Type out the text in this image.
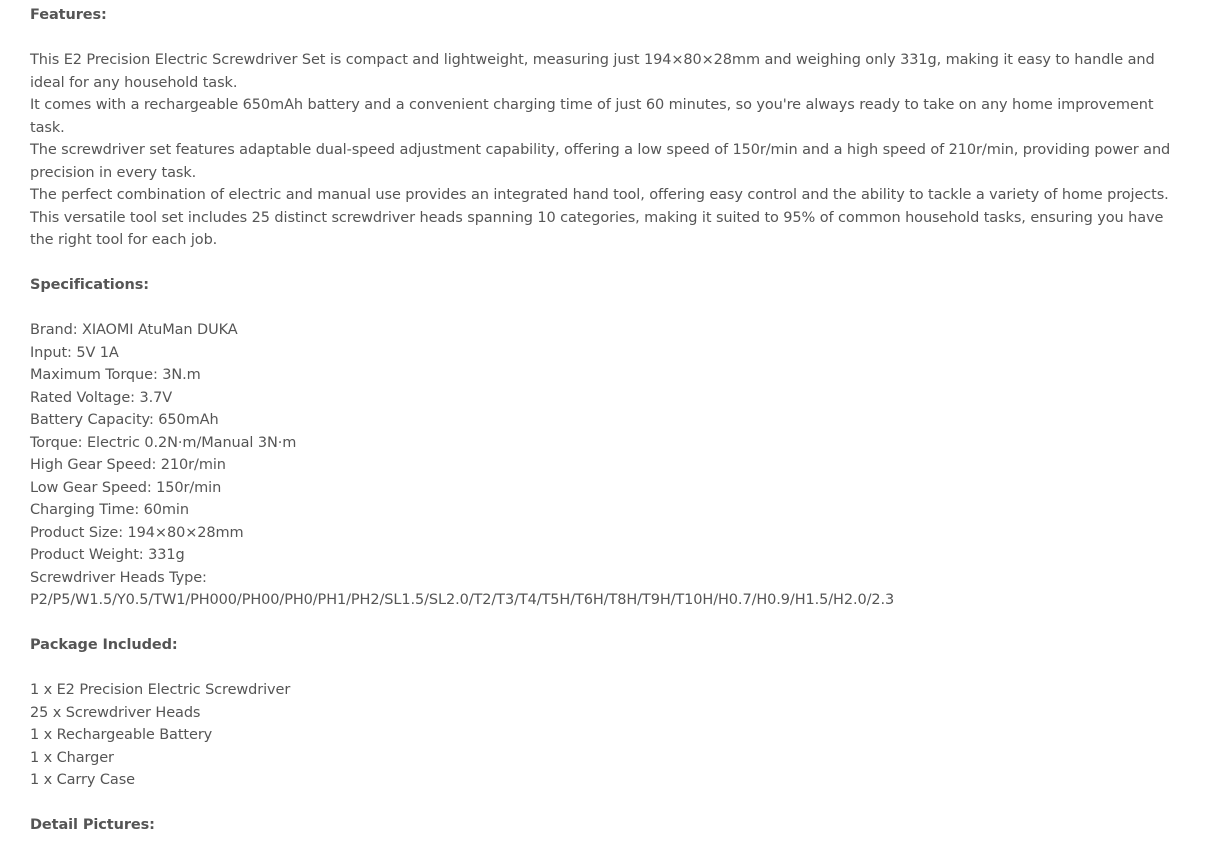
Features:
This E2 Precision Electric Screwdriver Set is compact and lightweight, measuring just 194×80×28mm and weighing only 331g, making it easy to handle and ideal for any household task.
It comes with a rechargeable 650mAh battery and a convenient charging time of just 60 minutes, so you're always ready to take on any home improvement task.
The screwdriver set features adaptable dual-speed adjustment capability, offering a low speed of 150r/min and a high speed of 210r/min, providing power and precision in every task.
The perfect combination of electric and manual use provides an integrated hand tool, offering easy control and the ability to tackle a variety of home projects.
This versatile tool set includes 25 distinct screwdriver heads spanning 10 categories, making it suited to 95% of common household tasks, ensuring you have the right tool for each job.
Specifications:
Brand: XIAOMI AtuMan DUKA
Input: 5V 1A
Maximum Torque: 3N.m
Rated Voltage: 3.7V
Battery Capacity: 650mAh
Torque: Electric 0.2N·m/Manual 3N·m
High Gear Speed: 210r/min
Low Gear Speed: 150r/min
Charging Time: 60min
Product Size: 194×80×28mm
Product Weight: 331g
Screwdriver Heads Type:
P2/P5/W1.5/Y0.5/TW1/PH000/PH00/PH0/PH1/PH2/SL1.5/SL2.0/T2/T3/T4/T5H/T6H/T8H/T9H/T10H/H0.7/H0.9/H1.5/H2.0/2.3
Package Included:
1 x E2 Precision Electric Screwdriver
25 x Screwdriver Heads
1 x Rechargeable Battery
1 x Charger
1 x Carry Case
Detail Pictures:
